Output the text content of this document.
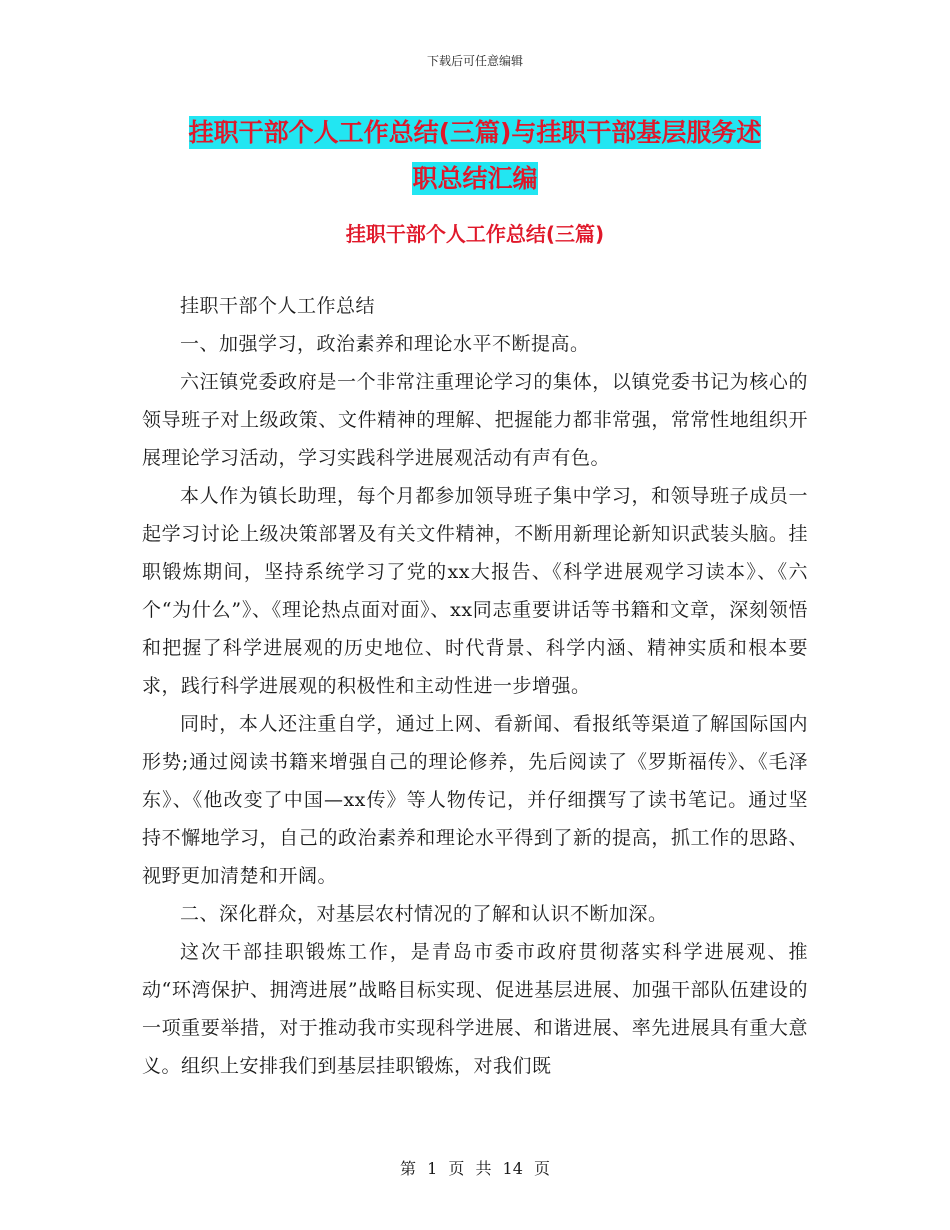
下载后可任意编辑
挂职干部个人工作总结(三篇)与挂职干部基层服务述
职总结汇编
挂职干部个人工作总结(三篇)

挂职干部个人工作总结

一、加强学习，政治素养和理论水平不断提高。

六汪镇党委政府是一个非常注重理论学习的集体，以镇党委书记为核心的领导班子对上级政策、文件精神的理解、把握能力都非常强，常常性地组织开展理论学习活动，学习实践科学进展观活动有声有色。

本人作为镇长助理，每个月都参加领导班子集中学习，和领导班子成员一起学习讨论上级决策部署及有关文件精神，不断用新理论新知识武装头脑。挂职锻炼期间，坚持系统学习了党的xx大报告、《科学进展观学习读本》、《六个“为什么”》、《理论热点面对面》、xx同志重要讲话等书籍和文章，深刻领悟和把握了科学进展观的历史地位、时代背景、科学内涵、精神实质和根本要求，践行科学进展观的积极性和主动性进一步增强。

同时，本人还注重自学，通过上网、看新闻、看报纸等渠道了解国际国内形势;通过阅读书籍来增强自己的理论修养，先后阅读了《罗斯福传》、《毛泽东》、《他改变了中国—xx传》等人物传记，并仔细撰写了读书笔记。通过坚持不懈地学习，自己的政治素养和理论水平得到了新的提高，抓工作的思路、视野更加清楚和开阔。

二、深化群众，对基层农村情况的了解和认识不断加深。

这次干部挂职锻炼工作，是青岛市委市政府贯彻落实科学进展观、推动“环湾保护、拥湾进展”战略目标实现、促进基层进展、加强干部队伍建设的一项重要举措，对于推动我市实现科学进展、和谐进展、率先进展具有重大意义。组织上安排我们到基层挂职锻炼，对我们既

第 1 页 共 14 页
